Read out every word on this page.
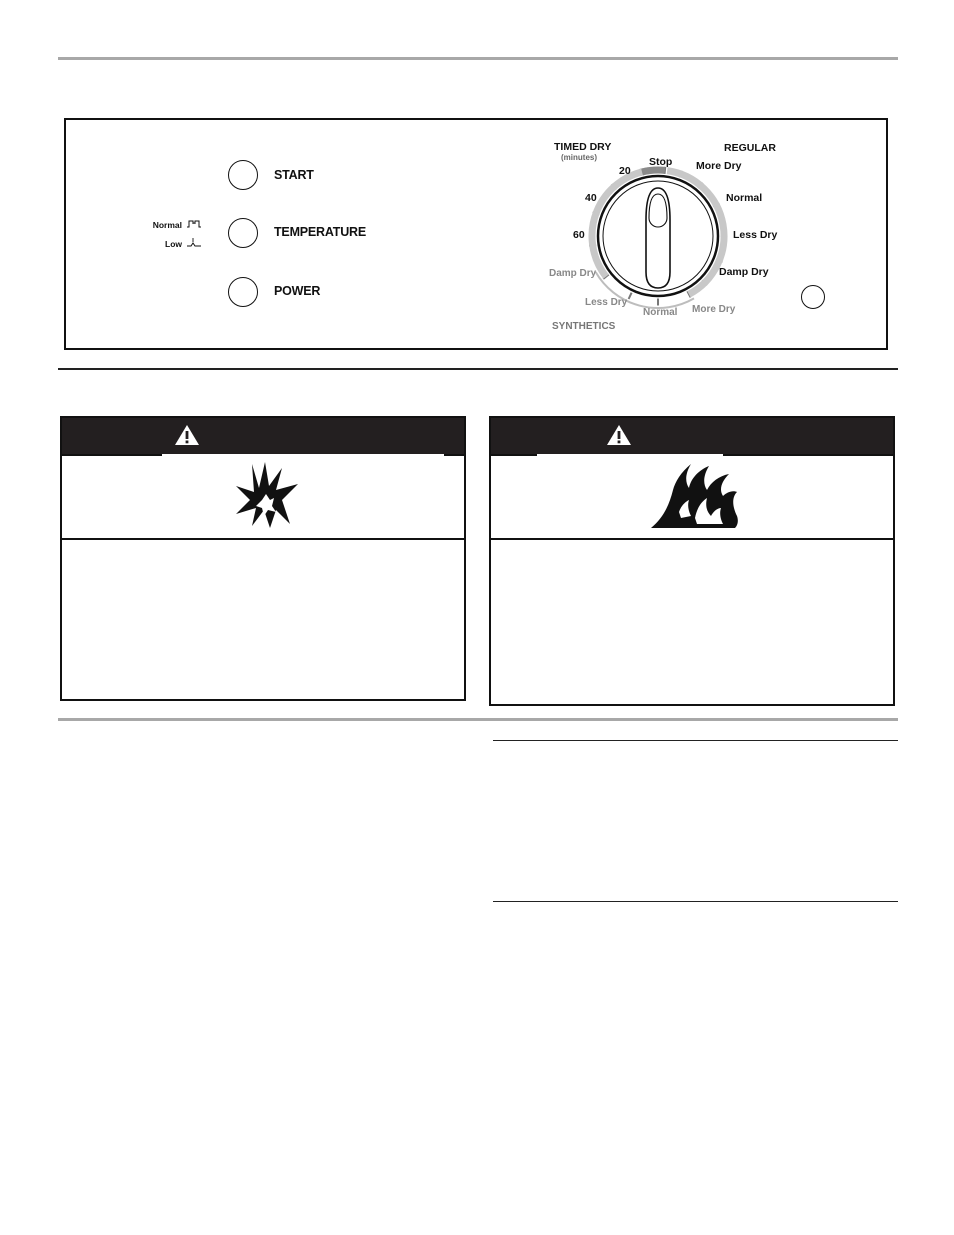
START
TEMPERATURE
POWER
Normal
Low
TIMED DRY
(minutes)
REGULAR
SYNTHETICS
Stop
20
40
60
More Dry
Normal
Less Dry
Damp Dry
Damp Dry
Less Dry
Normal More Dry
